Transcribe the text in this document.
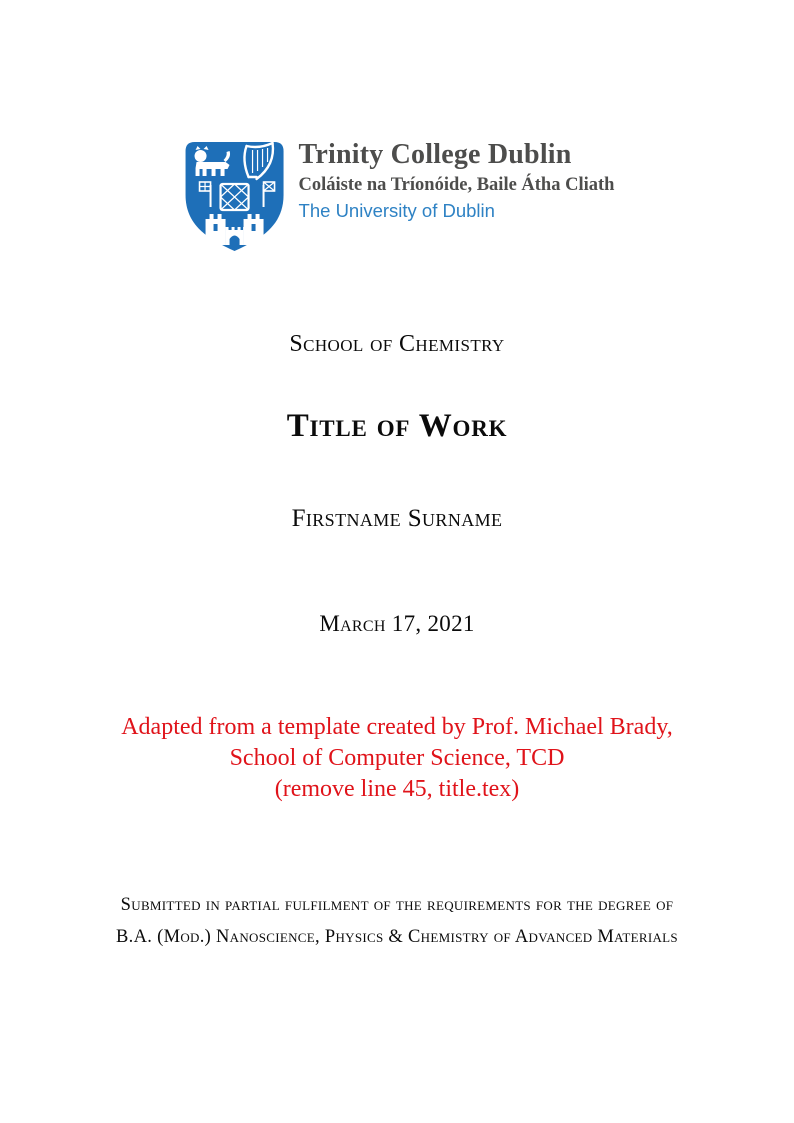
Trinity College Dublin
Coláiste na Tríonóide, Baile Átha Cliath
The University of Dublin
School of Chemistry
Title of Work
Firstname Surname
March 17, 2021
Adapted from a template created by Prof. Michael Brady,
School of Computer Science, TCD
(remove line 45, title.tex)
Submitted in partial fulfilment of the requirements for the degree of
B.A. (Mod.) Nanoscience, Physics & Chemistry of Advanced Materials
